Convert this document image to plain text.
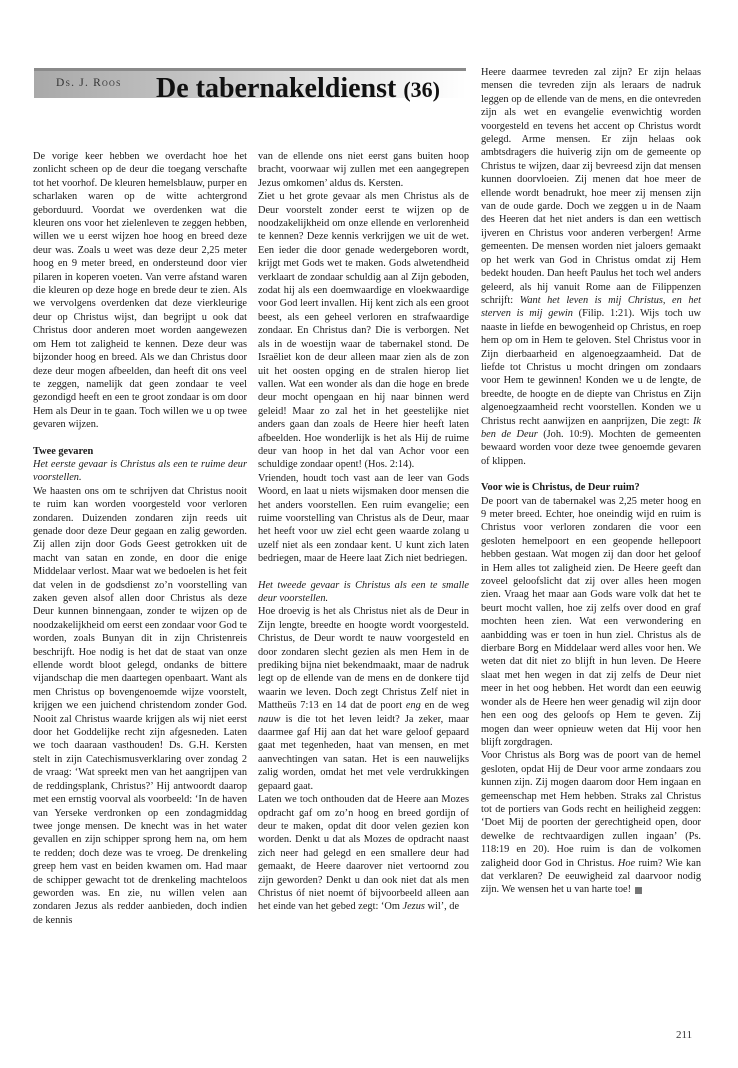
Ds. J. Roos De tabernakeldienst (36)

De vorige keer hebben we overdacht hoe het zonlicht scheen op de deur die toegang verschafte tot het voorhof. De kleuren hemelsblauw, purper en scharlaken waren op de witte achtergrond geborduurd. Voordat we overdenken wat die kleuren ons voor het zielenleven te zeggen hebben, willen we u eerst wijzen hoe hoog en breed deze deur was. Zoals u weet was deze deur 2,25 meter hoog en 9 meter breed, en ondersteund door vier pilaren in koperen voeten. Van verre afstand waren die kleuren op deze hoge en brede deur te zien. Als we vervolgens overdenken dat deze vierkleurige deur op Christus wijst, dan begrijpt u ook dat Christus door anderen moet worden aangewezen om Hem tot zaligheid te kennen. Deze deur was bijzonder hoog en breed. Als we dan Christus door deze deur mogen afbeelden, dan heeft dit ons veel te zeggen, namelijk dat geen zondaar te veel gezondigd heeft en een te groot zondaar is om door Hem als Deur in te gaan. Toch willen we u op twee gevaren wijzen.

Twee gevaren

Het eerste gevaar is Christus als een te ruime deur voorstellen.

We haasten ons om te schrijven dat Christus nooit te ruim kan worden voorgesteld voor verloren zondaren. Duizenden zondaren zijn reeds uit genade door deze Deur gegaan en zalig geworden. Zij allen zijn door Gods Geest getrokken uit de macht van satan en zonde, en door die enige Middelaar verlost. Maar wat we bedoelen is het feit dat velen in de godsdienst zo’n voorstelling van zaken geven alsof allen door Christus als deze Deur kunnen binnengaan, zonder te wijzen op de noodzakelijkheid om eerst een zondaar voor God te worden, zoals Bunyan dit in zijn Christenreis beschrijft. Hoe nodig is het dat de staat van onze ellende wordt bloot gelegd, ondanks de bittere vijandschap die men daartegen openbaart. Want als men Christus op bovengenoemde wijze voorstelt, krijgen we een juichend christendom zonder God. Nooit zal Christus waarde krijgen als wij niet eerst door het Goddelijke recht zijn afgesneden. Laten we toch daaraan vasthouden! Ds. G.H. Kersten stelt in zijn Catechismusverklaring over zondag 2 de vraag: ‘Wat spreekt men van het aangrijpen van de reddingsplank, Christus?’ Hij antwoordt daarop met een ernstig voorval als voorbeeld: ‘In de haven van Yerseke verdronken op een zondagmiddag twee jonge mensen. De knecht was in het water gevallen en zijn schipper sprong hem na, om hem te redden; doch deze was te vroeg. De drenkeling greep hem vast en beiden kwamen om. Had maar de schipper gewacht tot de drenkeling machteloos geworden was. En zie, nu willen velen aan zondaren Jezus als redder aanbieden, doch indien de kennis

van de ellende ons niet eerst gans buiten hoop bracht, voorwaar wij zullen met een aangegrepen Jezus omkomen’ aldus ds. Kersten.

Ziet u het grote gevaar als men Christus als de Deur voorstelt zonder eerst te wijzen op de noodzakelijkheid om onze ellende en verlorenheid te kennen? Deze kennis verkrijgen we uit de wet. Een ieder die door genade wedergeboren wordt, krijgt met Gods wet te maken. Gods alwetendheid verklaart de zondaar schuldig aan al Zijn geboden, zodat hij als een doemwaardige en vloekwaardige voor God leert invallen. Hij kent zich als een groot beest, als een geheel verloren en strafwaardige zondaar. En Christus dan? Die is verborgen. Net als in de woestijn waar de tabernakel stond. De Israëliet kon de deur alleen maar zien als de zon uit het oosten opging en de stralen hierop liet vallen. Wat een wonder als dan die hoge en brede deur mocht opengaan en hij naar binnen werd geleid! Maar zo zal het in het geestelijke niet anders gaan dan zoals de Heere hier heeft laten afbeelden. Hoe wonderlijk is het als Hij de ruime deur van hoop in het dal van Achor voor een schuldige zondaar opent! (Hos. 2:14).

Vrienden, houdt toch vast aan de leer van Gods Woord, en laat u niets wijsmaken door mensen die het anders voorstellen. Een ruim evangelie; een ruime voorstelling van Christus als de Deur, maar het heeft voor uw ziel echt geen waarde zolang u uzelf niet als een zondaar kent. U kunt zich laten bedriegen, maar de Heere laat Zich niet bedriegen.

Het tweede gevaar is Christus als een te smalle deur voorstellen.

Hoe droevig is het als Christus niet als de Deur in Zijn lengte, breedte en hoogte wordt voorgesteld. Christus, de Deur wordt te nauw voorgesteld en door zondaren slecht gezien als men Hem in de prediking bijna niet bekendmaakt, maar de nadruk legt op de ellende van de mens en de donkere tijd waarin we leven. Doch zegt Christus Zelf niet in Mattheüs 7:13 en 14 dat de poort eng en de weg nauw is die tot het leven leidt? Ja zeker, maar daarmee gaf Hij aan dat het ware geloof gepaard gaat met tegenheden, haat van mensen, en met aanvechtingen van satan. Het is een nauwelijks zalig worden, omdat het met vele verdrukkingen gepaard gaat.

Laten we toch onthouden dat de Heere aan Mozes opdracht gaf om zo’n hoog en breed gordijn of deur te maken, opdat dit door velen gezien kon worden. Denkt u dat als Mozes de opdracht naast zich neer had gelegd en een smallere deur had gemaakt, de Heere daarover niet vertoornd zou zijn geworden? Denkt u dan ook niet dat als men Christus óf niet noemt óf bijvoorbeeld alleen aan het einde van het gebed zegt: ‘Om Jezus wil’, de

Heere daarmee tevreden zal zijn? Er zijn helaas mensen die tevreden zijn als leraars de nadruk leggen op de ellende van de mens, en die ontevreden zijn als wet en evangelie evenwichtig worden voorgesteld en tevens het accent op Christus wordt gelegd. Arme mensen. Er zijn helaas ook ambtsdragers die huiverig zijn om de gemeente op Christus te wijzen, daar zij bevreesd zijn dat mensen kunnen doorvloeien. Zij menen dat hoe meer de ellende wordt benadrukt, hoe meer zij mensen zijn van de oude garde. Doch we zeggen u in de Naam des Heeren dat het niet anders is dan een wettisch ijveren en Christus voor anderen verbergen! Arme gemeenten. De mensen worden niet jaloers gemaakt op het werk van God in Christus omdat zij Hem bedekt houden. Dan heeft Paulus het toch wel anders geleerd, als hij vanuit Rome aan de Filippenzen schrijft: Want het leven is mij Christus, en het sterven is mij gewin (Filip. 1:21). Wijs toch uw naaste in liefde en bewogenheid op Christus, en roep hem op om in Hem te geloven. Stel Christus voor in Zijn dierbaarheid en algenoegzaamheid. Dat de liefde tot Christus u mocht dringen om zondaars voor Hem te gewinnen! Konden we u de lengte, de breedte, de hoogte en de diepte van Christus en Zijn algenoegzaamheid recht voorstellen. Konden we u Christus recht aanwijzen en aanprijzen, Die zegt: Ik ben de Deur (Joh. 10:9). Mochten de gemeenten bewaard worden voor deze twee genoemde gevaren of klippen.

Voor wie is Christus, de Deur ruim?

De poort van de tabernakel was 2,25 meter hoog en 9 meter breed. Echter, hoe oneindig wijd en ruim is Christus voor verloren zondaren die voor een gesloten hemelpoort en een geopende hellepoort hebben gestaan. Wat mogen zij dan door het geloof in Hem alles tot zaligheid zien. De Heere geeft dan zoveel geloofslicht dat zij over alles heen mogen zien. Vraag het maar aan Gods ware volk dat het te beurt mocht vallen, hoe zij zelfs over dood en graf mochten heen zien. Wat een verwondering en aanbidding was er toen in hun ziel. Christus als de dierbare Borg en Middelaar werd alles voor hen. We weten dat dit niet zo blijft in hun leven. De Heere slaat met hen wegen in dat zij zelfs de Deur niet meer in het oog hebben. Het wordt dan een eeuwig wonder als de Heere hen weer genadig wil zijn door hen een oog des geloofs op Hem te geven. Zij mogen dan weer opnieuw weten dat Hij voor hen blijft zorgdragen.

Voor Christus als Borg was de poort van de hemel gesloten, opdat Hij de Deur voor arme zondaars zou kunnen zijn. Zij mogen daarom door Hem ingaan en gemeenschap met Hem hebben. Straks zal Christus tot de portiers van Gods recht en heiligheid zeggen: ‘Doet Mij de poorten der gerechtigheid open, door dewelke de rechtvaardigen zullen ingaan’ (Ps. 118:19 en 20). Hoe ruim is dan de volkomen zaligheid door God in Christus. Hoe ruim? Wie kan dat verklaren? De eeuwigheid zal daarvoor nodig zijn. We wensen het u van harte toe!

211
